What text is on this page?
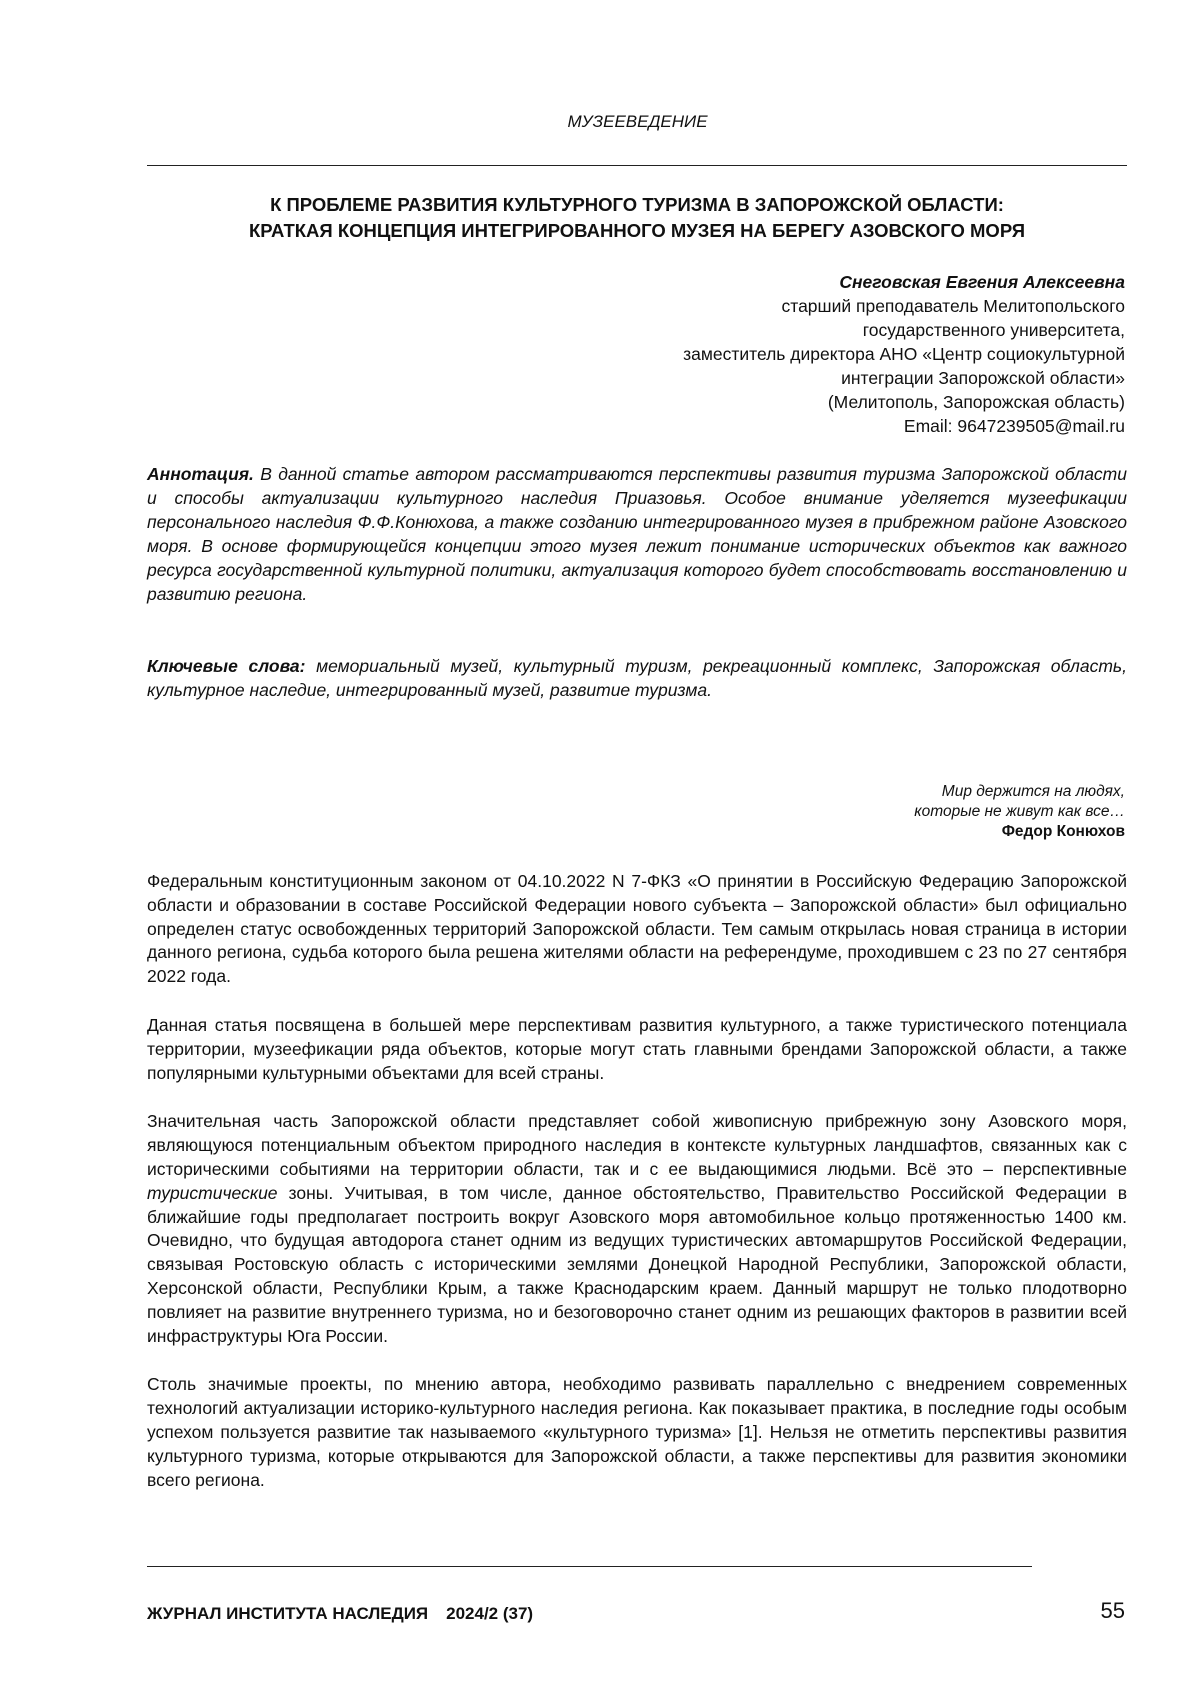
МУЗЕЕВЕДЕНИЕ
К ПРОБЛЕМЕ РАЗВИТИЯ КУЛЬТУРНОГО ТУРИЗМА В ЗАПОРОЖСКОЙ ОБЛАСТИ:
КРАТКАЯ КОНЦЕПЦИЯ ИНТЕГРИРОВАННОГО МУЗЕЯ НА БЕРЕГУ АЗОВСКОГО МОРЯ
Снеговская Евгения Алексеевна
старший преподаватель Мелитопольского
государственного университета,
заместитель директора АНО «Центр социокультурной
интеграции Запорожской области»
(Мелитополь, Запорожская область)
Email: 9647239505@mail.ru

Аннотация. В данной статье автором рассматриваются перспективы развития туризма Запорожской области и способы актуализации культурного наследия Приазовья. Особое внимание уделяется музеефикации персонального наследия Ф.Ф.Конюхова, а также созданию интегрированного музея в прибрежном районе Азовского моря. В основе формирующейся концепции этого музея лежит понимание исторических объектов как важного ресурса государственной культурной политики, актуализация которого будет способствовать восстановлению и развитию региона.

Ключевые слова: мемориальный музей, культурный туризм, рекреационный комплекс, Запорожская область, культурное наследие, интегрированный музей, развитие туризма.

Мир держится на людях,
которые не живут как все…
Федор Конюхов

Федеральным конституционным законом от 04.10.2022 N 7-ФКЗ «О принятии в Российскую Федерацию Запорожской области и образовании в составе Российской Федерации нового субъекта – Запорожской области» был официально определен статус освобожденных территорий Запорожской области. Тем самым открылась новая страница в истории данного региона, судьба которого была решена жителями области на референдуме, проходившем с 23 по 27 сентября 2022 года.

Данная статья посвящена в большей мере перспективам развития культурного, а также туристического потенциала территории, музеефикации ряда объектов, которые могут стать главными брендами Запорожской области, а также популярными культурными объектами для всей страны.

Значительная часть Запорожской области представляет собой живописную прибрежную зону Азовского моря, являющуюся потенциальным объектом природного наследия в контексте культурных ландшафтов, связанных как с историческими событиями на территории области, так и с ее выдающимися людьми. Всё это – перспективные туристические зоны. Учитывая, в том числе, данное обстоятельство, Правительство Российской Федерации в ближайшие годы предполагает построить вокруг Азовского моря автомобильное кольцо протяженностью 1400 км. Очевидно, что будущая автодорога станет одним из ведущих туристических автомаршрутов Российской Федерации, связывая Ростовскую область с историческими землями Донецкой Народной Республики, Запорожской области, Херсонской области, Республики Крым, а также Краснодарским краем. Данный маршрут не только плодотворно повлияет на развитие внутреннего туризма, но и безоговорочно станет одним из решающих факторов в развитии всей инфраструктуры Юга России.

Столь значимые проекты, по мнению автора, необходимо развивать параллельно с внедрением современных технологий актуализации историко-культурного наследия региона. Как показывает практика, в последние годы особым успехом пользуется развитие так называемого «культурного туризма» [1]. Нельзя не отметить перспективы развития культурного туризма, которые открываются для Запорожской области, а также перспективы для развития экономики всего региона.

ЖУРНАЛ ИНСТИТУТА НАСЛЕДИЯ 2024/2 (37)	55
